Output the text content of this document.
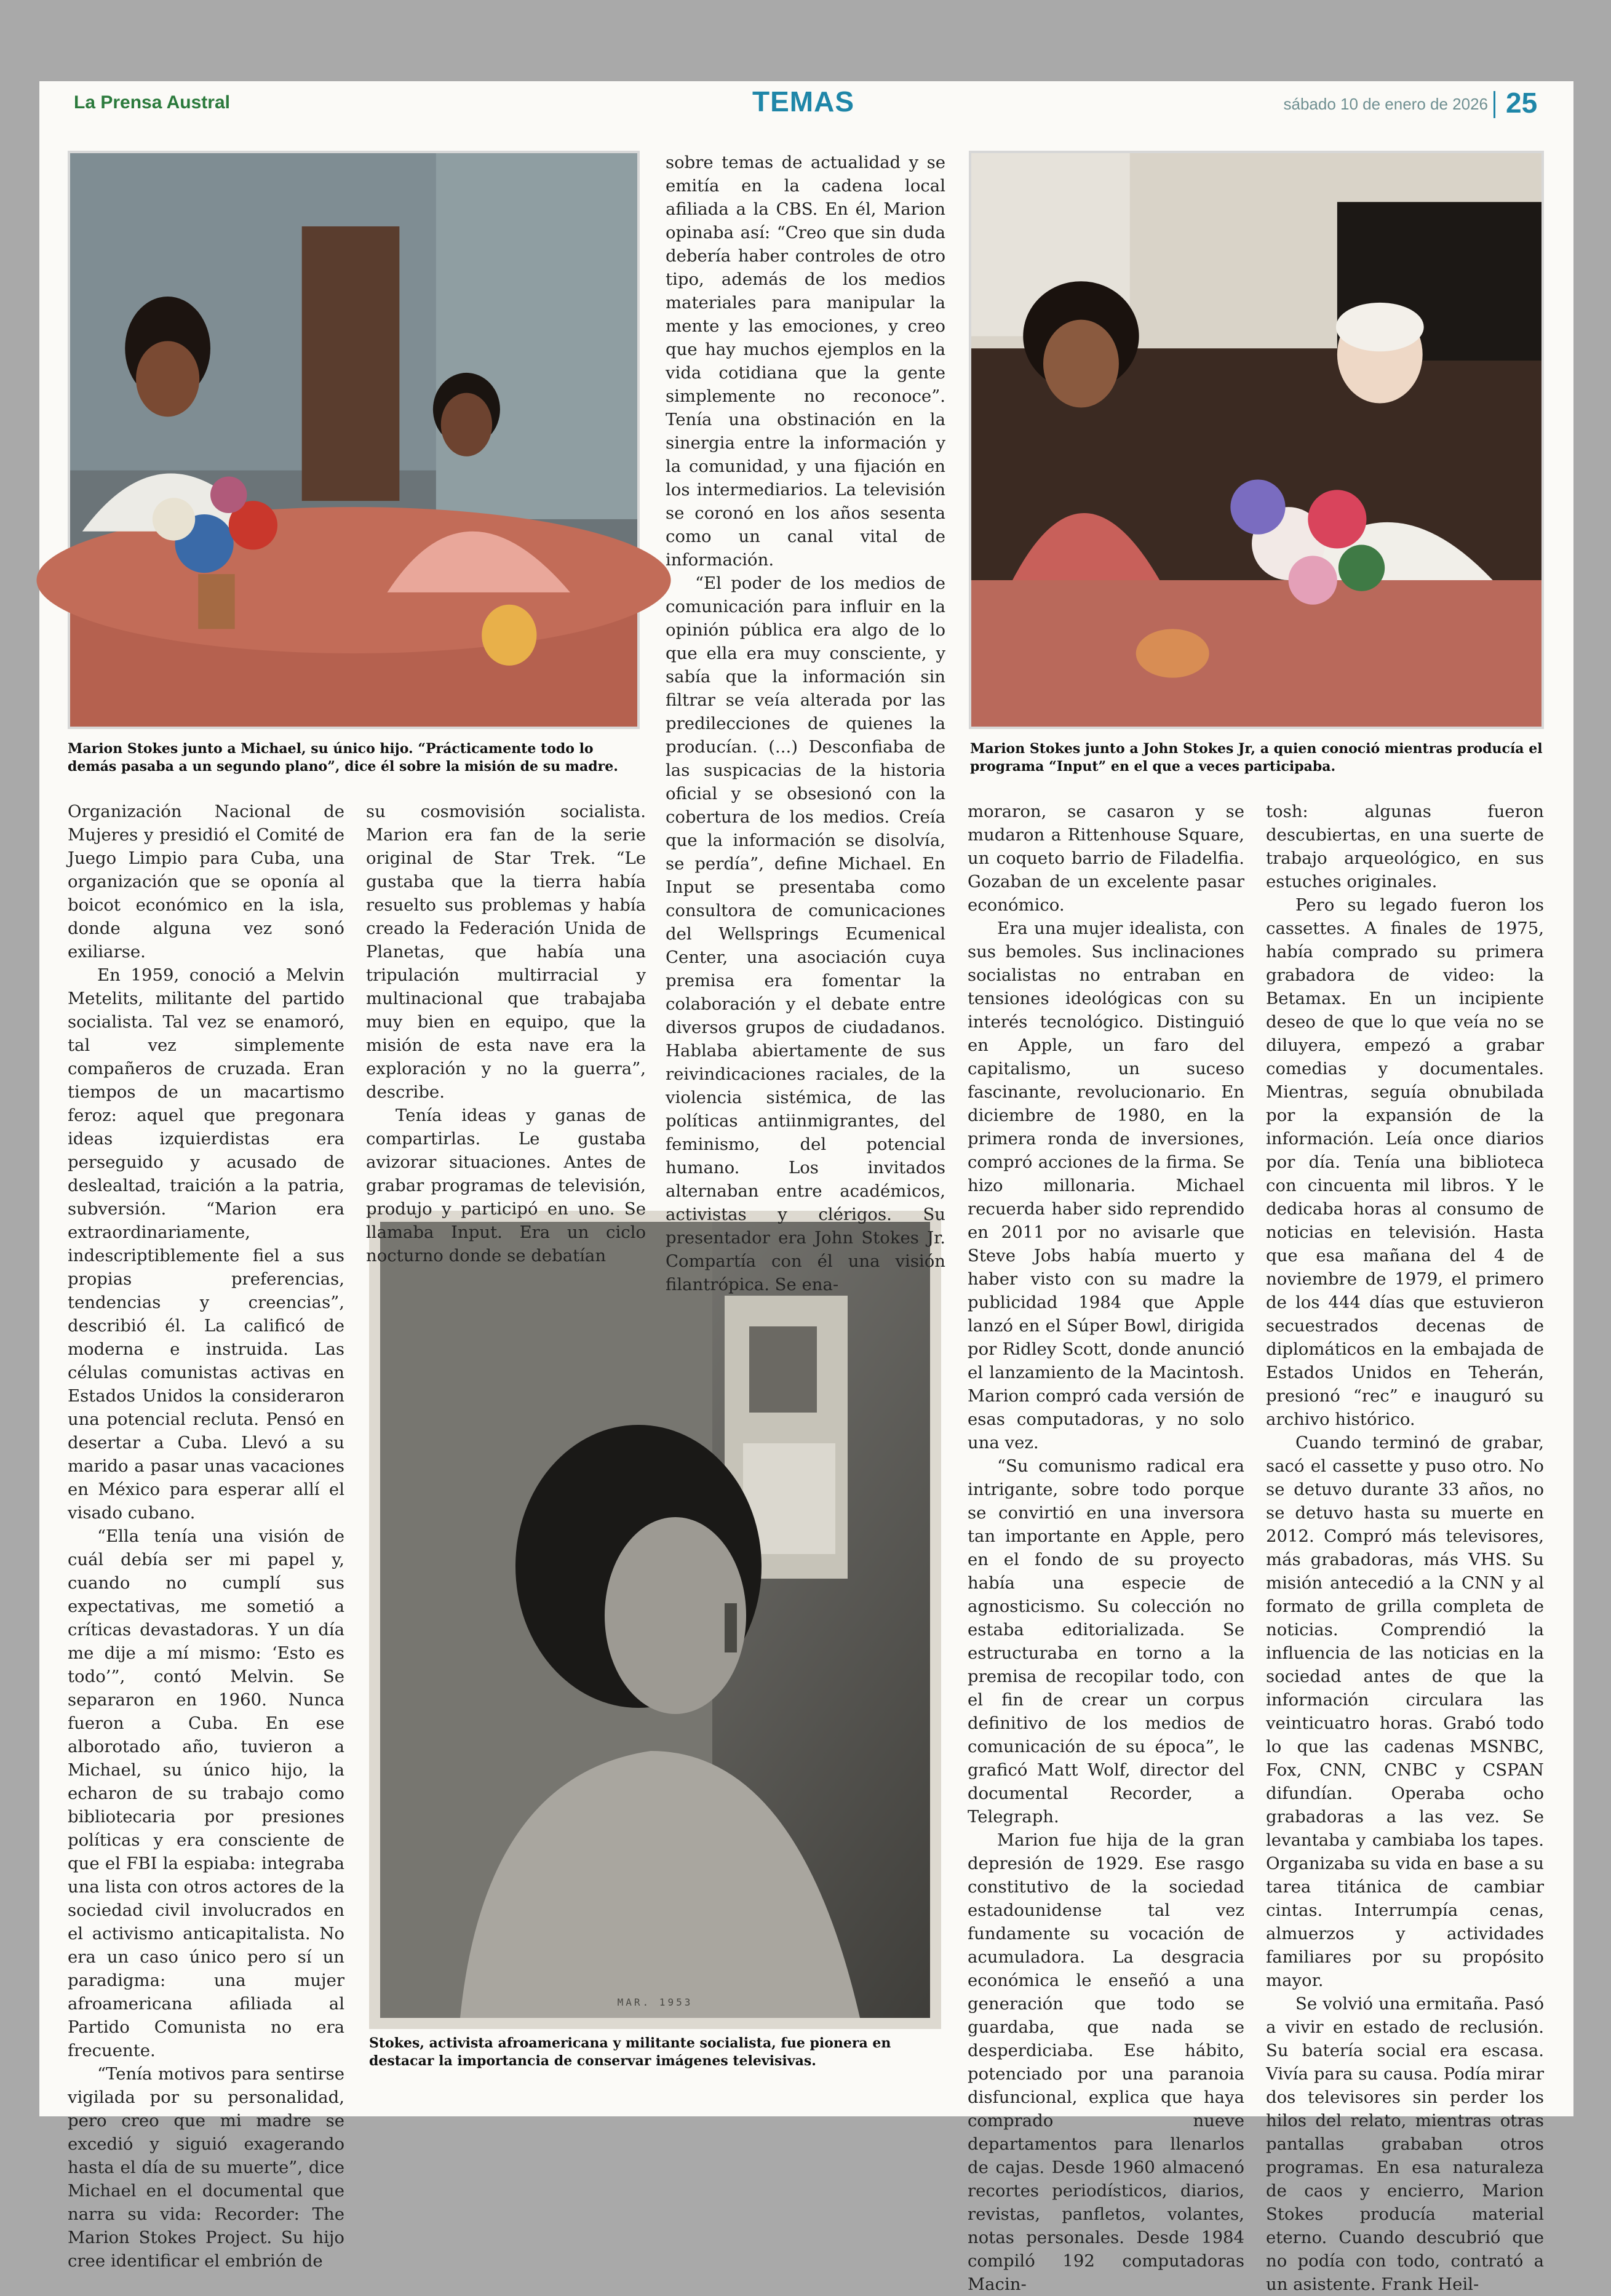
La Prensa Austral	TEMAS	sábado 10 de enero de 2026 25
Marion Stokes junto a Michael, su único hijo. “Prácticamente todo lo demás pasaba a un segundo plano”, dice él sobre la misión de su madre.
Marion Stokes junto a John Stokes Jr, a quien conoció mientras producía el programa “Input” en el que a veces participaba.
MAR. 1953
Stokes, activista afroamericana y militante socialista, fue pionera en destacar la importancia de conservar imágenes televisivas.

Organización Nacional de Mujeres y presidió el Comité de Juego Limpio para Cuba, una organización que se oponía al boicot económico en la isla, donde alguna vez sonó exiliarse.

En 1959, conoció a Melvin Metelits, militante del partido socialista. Tal vez se enamoró, tal vez simplemente compañeros de cruzada. Eran tiempos de un macartismo feroz: aquel que pregonara ideas izquierdistas era perseguido y acusado de deslealtad, traición a la patria, subversión. “Marion era extraordinariamente, indescriptiblemente fiel a sus propias preferencias, tendencias y creencias”, describió él. La calificó de moderna e instruida. Las células comunistas activas en Estados Unidos la consideraron una potencial recluta. Pensó en desertar a Cuba. Llevó a su marido a pasar unas vacaciones en México para esperar allí el visado cubano.

“Ella tenía una visión de cuál debía ser mi papel y, cuando no cumplí sus expectativas, me sometió a críticas devastadoras. Y un día me dije a mí mismo: ‘Esto es todo’”, contó Melvin. Se separaron en 1960. Nunca fueron a Cuba. En ese alborotado año, tuvieron a Michael, su único hijo, la echaron de su trabajo como bibliotecaria por presiones políticas y era consciente de que el FBI la espiaba: integraba una lista con otros actores de la sociedad civil involucrados en el activismo anticapitalista. No era un caso único pero sí un paradigma: una mujer afroamericana afiliada al Partido Comunista no era frecuente.

“Tenía motivos para sentirse vigilada por su personalidad, pero creo que mi madre se excedió y siguió exagerando hasta el día de su muerte”, dice Michael en el documental que narra su vida: Recorder: The Marion Stokes Project. Su hijo cree identificar el embrión de

su cosmovisión socialista. Marion era fan de la serie original de Star Trek. “Le gustaba que la tierra había resuelto sus problemas y había creado la Federación Unida de Planetas, que había una tripulación multirracial y multinacional que trabajaba muy bien en equipo, que la misión de esta nave era la exploración y no la guerra”, describe.

Tenía ideas y ganas de compartirlas. Le gustaba avizorar situaciones. Antes de grabar programas de televisión, produjo y participó en uno. Se llamaba Input. Era un ciclo nocturno donde se debatían

sobre temas de actualidad y se emitía en la cadena local afiliada a la CBS. En él, Marion opinaba así: “Creo que sin duda debería haber controles de otro tipo, además de los medios materiales para manipular la mente y las emociones, y creo que hay muchos ejemplos en la vida cotidiana que la gente simplemente no reconoce”. Tenía una obstinación en la sinergia entre la información y la comunidad, y una fijación en los intermediarios. La televisión se coronó en los años sesenta como un canal vital de información.

“El poder de los medios de comunicación para influir en la opinión pública era algo de lo que ella era muy consciente, y sabía que la información sin filtrar se veía alterada por las predilecciones de quienes la producían. (...) Desconfiaba de las suspicacias de la historia oficial y se obsesionó con la cobertura de los medios. Creía que la información se disolvía, se perdía”, define Michael. En Input se presentaba como consultora de comunicaciones del Wellsprings Ecumenical Center, una asociación cuya premisa era fomentar la colaboración y el debate entre diversos grupos de ciudadanos. Hablaba abiertamente de sus reivindicaciones raciales, de la violencia sistémica, de las políticas antiinmigrantes, del feminismo, del potencial humano. Los invitados alternaban entre académicos, activistas y clérigos. Su presentador era John Stokes Jr. Compartía con él una visión filantrópica. Se ena-

moraron, se casaron y se mudaron a Rittenhouse Square, un coqueto barrio de Filadelfia. Gozaban de un excelente pasar económico.

Era una mujer idealista, con sus bemoles. Sus inclinaciones socialistas no entraban en tensiones ideológicas con su interés tecnológico. Distinguió en Apple, un faro del capitalismo, un suceso fascinante, revolucionario. En diciembre de 1980, en la primera ronda de inversiones, compró acciones de la firma. Se hizo millonaria. Michael recuerda haber sido reprendido en 2011 por no avisarle que Steve Jobs había muerto y haber visto con su madre la publicidad 1984 que Apple lanzó en el Súper Bowl, dirigida por Ridley Scott, donde anunció el lanzamiento de la Macintosh. Marion compró cada versión de esas computadoras, y no solo una vez.

“Su comunismo radical era intrigante, sobre todo porque se convirtió en una inversora tan importante en Apple, pero en el fondo de su proyecto había una especie de agnosticismo. Su colección no estaba editorializada. Se estructuraba en torno a la premisa de recopilar todo, con el fin de crear un corpus definitivo de los medios de comunicación de su época”, le graficó Matt Wolf, director del documental Recorder, a Telegraph.

Marion fue hija de la gran depresión de 1929. Ese rasgo constitutivo de la sociedad estadounidense tal vez fundamente su vocación de acumuladora. La desgracia económica le enseñó a una generación que todo se guardaba, que nada se desperdiciaba. Ese hábito, potenciado por una paranoia disfuncional, explica que haya comprado nueve departamentos para llenarlos de cajas. Desde 1960 almacenó recortes periodísticos, diarios, revistas, panfletos, volantes, notas personales. Desde 1984 compiló 192 computadoras Macin-

tosh: algunas fueron descubiertas, en una suerte de trabajo arqueológico, en sus estuches originales.

Pero su legado fueron los cassettes. A finales de 1975, había comprado su primera grabadora de video: la Betamax. En un incipiente deseo de que lo que veía no se diluyera, empezó a grabar comedias y documentales. Mientras, seguía obnubilada por la expansión de la información. Leía once diarios por día. Tenía una biblioteca con cincuenta mil libros. Y le dedicaba horas al consumo de noticias en televisión. Hasta que esa mañana del 4 de noviembre de 1979, el primero de los 444 días que estuvieron secuestrados decenas de diplomáticos en la embajada de Estados Unidos en Teherán, presionó “rec” e inauguró su archivo histórico.

Cuando terminó de grabar, sacó el cassette y puso otro. No se detuvo durante 33 años, no se detuvo hasta su muerte en 2012. Compró más televisores, más grabadoras, más VHS. Su misión antecedió a la CNN y al formato de grilla completa de noticias. Comprendió la influencia de las noticias en la sociedad antes de que la información circulara las veinticuatro horas. Grabó todo lo que las cadenas MSNBC, Fox, CNN, CNBC y CSPAN difundían. Operaba ocho grabadoras a las vez. Se levantaba y cambiaba los tapes. Organizaba su vida en base a su tarea titánica de cambiar cintas. Interrumpía cenas, almuerzos y actividades familiares por su propósito mayor.

Se volvió una ermitaña. Pasó a vivir en estado de reclusión. Su batería social era escasa. Vivía para su causa. Podía mirar dos televisores sin perder los hilos del relato, mientras otras pantallas grababan otros programas. En esa naturaleza de caos y encierro, Marion Stokes producía material eterno. Cuando descubrió que no podía con todo, contrató a un asistente. Frank Heil-
